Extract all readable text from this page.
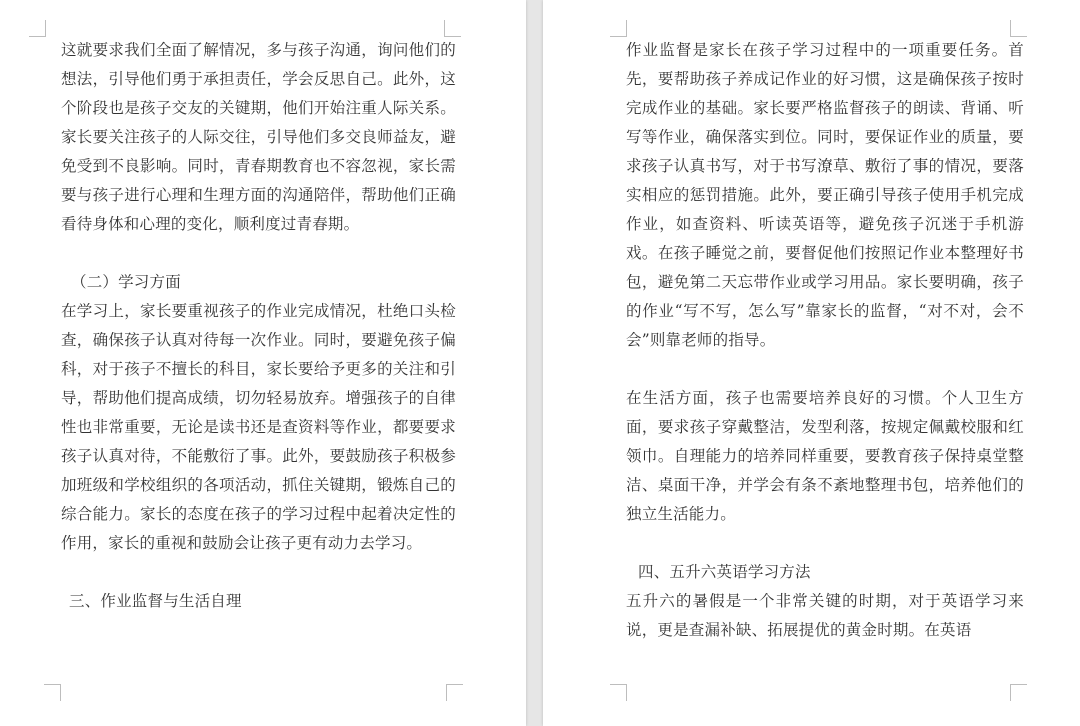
这就要求我们全面了解情况，多与孩子沟通，询问他们的想法，引导他们勇于承担责任，学会反思自己。此外，这个阶段也是孩子交友的关键期，他们开始注重人际关系。家长要关注孩子的人际交往，引导他们多交良师益友，避免受到不良影响。同时，青春期教育也不容忽视，家长需要与孩子进行心理和生理方面的沟通陪伴，帮助他们正确看待身体和心理的变化，顺利度过青春期。

（二）学习方面

在学习上，家长要重视孩子的作业完成情况，杜绝口头检查，确保孩子认真对待每一次作业。同时，要避免孩子偏科，对于孩子不擅长的科目，家长要给予更多的关注和引导，帮助他们提高成绩，切勿轻易放弃。增强孩子的自律性也非常重要，无论是读书还是查资料等作业，都要要求孩子认真对待，不能敷衍了事。此外，要鼓励孩子积极参加班级和学校组织的各项活动，抓住关键期，锻炼自己的综合能力。家长的态度在孩子的学习过程中起着决定性的作用，家长的重视和鼓励会让孩子更有动力去学习。

三、作业监督与生活自理

作业监督是家长在孩子学习过程中的一项重要任务。首先，要帮助孩子养成记作业的好习惯，这是确保孩子按时完成作业的基础。家长要严格监督孩子的朗读、背诵、听写等作业，确保落实到位。同时，要保证作业的质量，要求孩子认真书写，对于书写潦草、敷衍了事的情况，要落实相应的惩罚措施。此外，要正确引导孩子使用手机完成作业，如查资料、听读英语等，避免孩子沉迷于手机游戏。在孩子睡觉之前，要督促他们按照记作业本整理好书包，避免第二天忘带作业或学习用品。家长要明确，孩子的作业“写不写，怎么写”靠家长的监督，“对不对，会不会”则靠老师的指导。

在生活方面，孩子也需要培养良好的习惯。个人卫生方面，要求孩子穿戴整洁，发型利落，按规定佩戴校服和红领巾。自理能力的培养同样重要，要教育孩子保持桌堂整洁、桌面干净，并学会有条不紊地整理书包，培养他们的独立生活能力。

四、五升六英语学习方法

五升六的暑假是一个非常关键的时期，对于英语学习来说，更是查漏补缺、拓展提优的黄金时期。在英语
